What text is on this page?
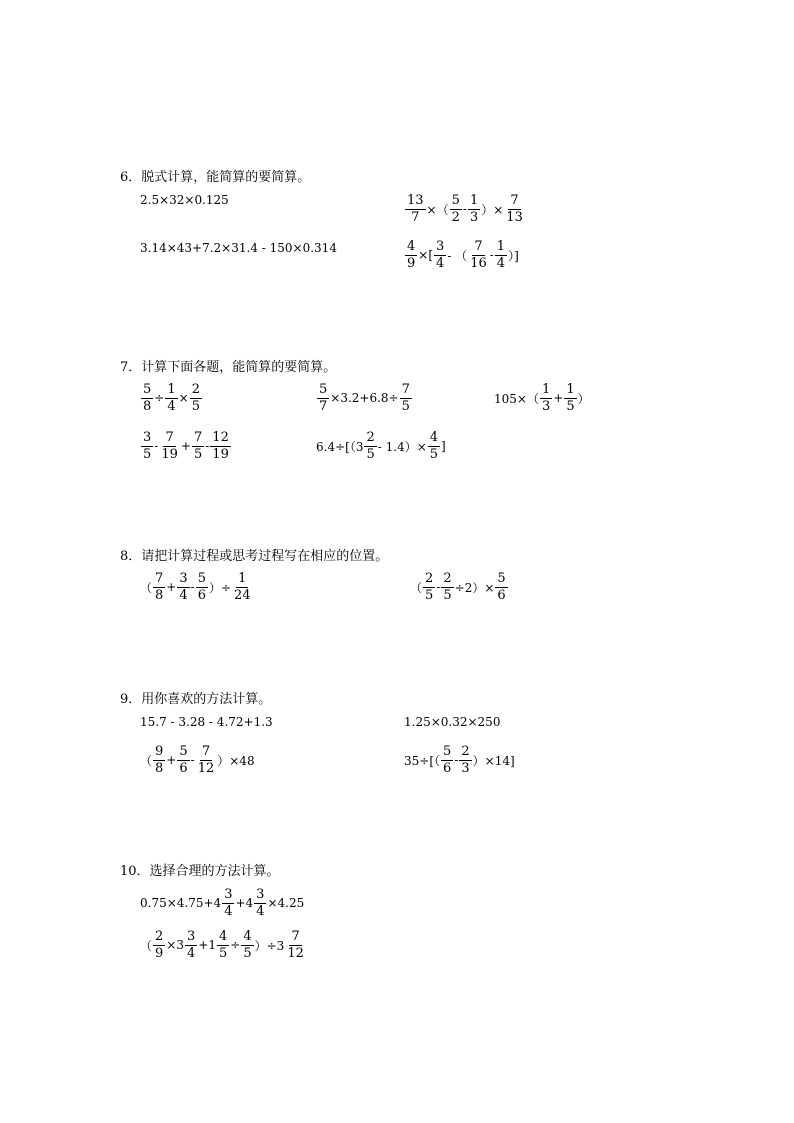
6．脱式计算，能简算的要简算。
7．计算下面各题，能简算的要简算。
8．请把计算过程或思考过程写在相应的位置。
9．用你喜欢的方法计算。
10．选择合理的方法计算。
2.5×32×0.125	$\frac{13}{7}$ ×（ $\frac{5}{2} - \frac{1}{3}$ ）× $\frac{7}{13}$
3.14×43+7.2×31.4 - 150×0.314	$\frac{4}{9}$ ×[ $\frac{3}{4}$ - （ $\frac{7}{16} - \frac{1}{4}$ ）]
$\frac{5}{8} \div \frac{1}{4} \times \frac{2}{5}$	$\frac{5}{7} \times 3.2+6.8\div \frac{7}{5}$	$105\times( \frac{1}{3} + \frac{1}{5}$ ）
$\frac{3}{5} - \frac{7}{19} + \frac{7}{5} - \frac{12}{19}$	$6.4\div[(3 \frac{2}{5} - 1.4)\times \frac{4}{5}$ ]
（ $\frac{7}{8} + \frac{3}{4} - \frac{5}{6}$ ）÷ $\frac{1}{24}$	（ $\frac{2}{5} - \frac{2}{5} \div 2)\times \frac{5}{6}$
15.7 - 3.28 - 4.72+1.3	1.25×0.32×250
（ $\frac{9}{8} + \frac{5}{6} - \frac{7}{12} )\times 48$	$35\div[( \frac{5}{6} - \frac{2}{3} )\times 14]$
$0.75\times 4.75+4 \frac{3}{4} +4 \frac{3}{4} \times 4.25$
（ $\frac{2}{9} \times 3 \frac{3}{4} +1 \frac{4}{5} \div \frac{4}{5} )\div 3 \frac{7}{12}$
